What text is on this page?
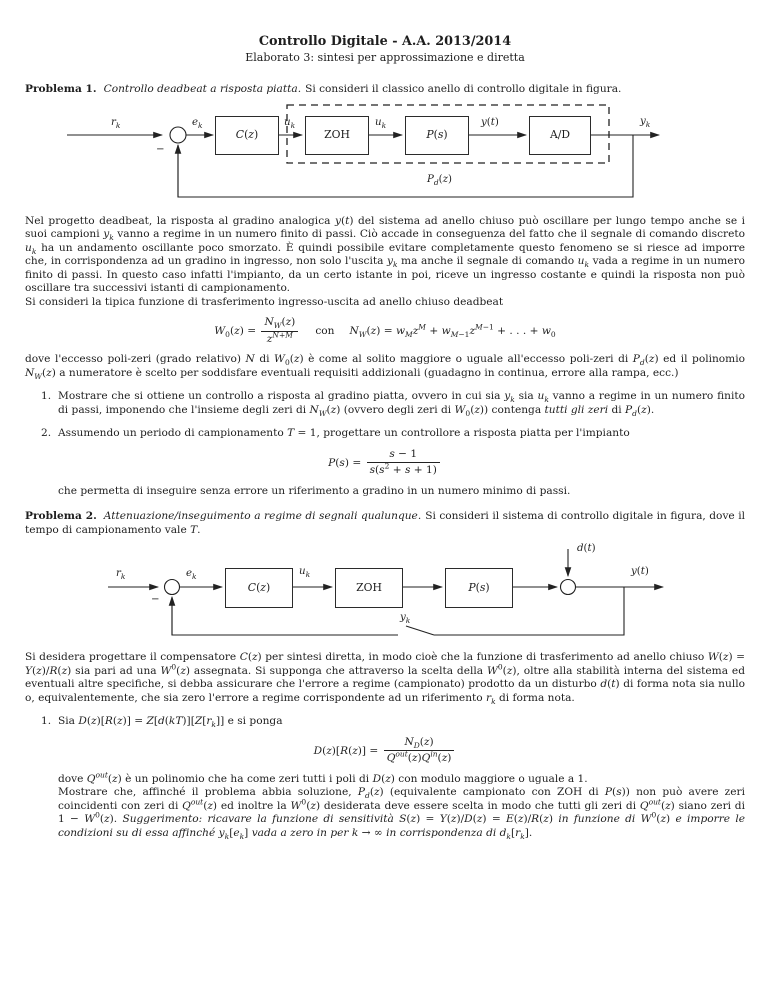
Controllo Digitale - A.A. 2013/2014
Elaborato 3: sintesi per approssimazione e diretta

Problema 1. Controllo deadbeat a risposta piatta. Si consideri il classico anello di controllo digitale in figura.

$r_k$	$e_k$	$u_k$	$u_k$	y(t)	$y_k$
−
$P_d(z)$
C ( z )	ZOH	P ( s )	A/D

Nel progetto deadbeat, la risposta al gradino analogica y(t) del sistema ad anello chiuso può oscillare per lungo tempo anche se i suoi campioni $y_k$ vanno a regime in un numero finito di passi. Ciò accade in conseguenza del fatto che il segnale di comando discreto $u_k$ ha un andamento oscillante poco smorzato. È quindi possibile evitare completamente questo fenomeno se si riesce ad imporre che, in corrispondenza ad un gradino in ingresso, non solo l'uscita $y_k$ ma anche il segnale di comando $u_k$ vada a regime in un numero finito di passi. In questo caso infatti l'impianto, da un certo istante in poi, riceve un ingresso costante e quindi la risposta non può oscillare tra successivi istanti di campionamento.
Si consideri la tipica funzione di trasferimento ingresso-uscita ad anello chiuso deadbeat

$W_0(z) = \frac{N_W(z)}{z^{N+M}}$ con $N_W(z) = w_Mz^M + w_{M-1}z^{M-1}$ + . . . + $w_0$

dove l'eccesso poli-zeri (grado relativo) N di $W_0(z)$ è come al solito maggiore o uguale all'eccesso poli-zeri di $P_d(z)$ ed il polinomio $N_W(z)$ a numeratore è scelto per soddisfare eventuali requisiti addizionali (guadagno in continua, errore alla rampa, ecc.)

1. Mostrare che si ottiene un controllo a risposta al gradino piatta, ovvero in cui sia $y_k$ sia $u_k$ vanno a regime in un numero finito di passi, imponendo che l'insieme degli zeri di $N_W(z)$ (ovvero degli zeri di $W_0(z)$) contenga tutti gli zeri di $P_d(z)$.
2. Assumendo un periodo di campionamento T = 1, progettare un controllore a risposta piatta per l'impianto
$P(s) = \frac{s - 1}{s(s^2 + s + 1)}$

che permetta di inseguire senza errore un riferimento a gradino in un numero minimo di passi.

Problema 2. Attenuazione/inseguimento a regime di segnali qualunque. Si consideri il sistema di controllo digitale in figura, dove il tempo di campionamento vale T.

$r_k$	$e_k$	$u_k$
d(t)
y(t)
$y_k$
−
C ( z )	ZOH	P ( s )

Si desidera progettare il compensatore C(z) per sintesi diretta, in modo cioè che la funzione di trasferimento ad anello chiuso W(z) = Y(z)/R(z) sia pari ad una $W^0(z)$ assegnata. Si supponga che attraverso la scelta della $W^0(z)$, oltre alla stabilità interna del sistema ed eventuali altre specifiche, si debba assicurare che l'errore a regime (campionato) prodotto da un disturbo d(t) di forma nota sia nullo o, equivalentemente, che sia zero l'errore a regime corrispondente ad un riferimento $r_k$ di forma nota.

1. Sia $D(z)[R(z)] = Z[d(kT)][Z[r_k]]$ e si ponga
$D(z)[R(z)] = \frac{N_D(z)}{Q^{out}(z)Q^{in}(z)}$

dove $Q^{out}(z)$ è un polinomio che ha come zeri tutti i poli di D(z) con modulo maggiore o uguale a 1.
Mostrare che, affinché il problema abbia soluzione, $P_d(z)$ (equivalente campionato con ZOH di P(s)) non può avere zeri coincidenti con zeri di $Q^{out}(z)$ ed inoltre la $W^0(z)$ desiderata deve essere scelta in modo che tutti gli zeri di $Q^{out}(z)$ siano zeri di $1 - W^0(z)$. Suggerimento: ricavare la funzione di sensitività S(z) = Y(z)/D(z) = E(z)/R(z) in funzione di $W^0(z)$ e imporre le condizioni su di essa affinché $y_k[e_k]$ vada a zero in per k → ∞ in corrispondenza di $d_k[r_k]$.
